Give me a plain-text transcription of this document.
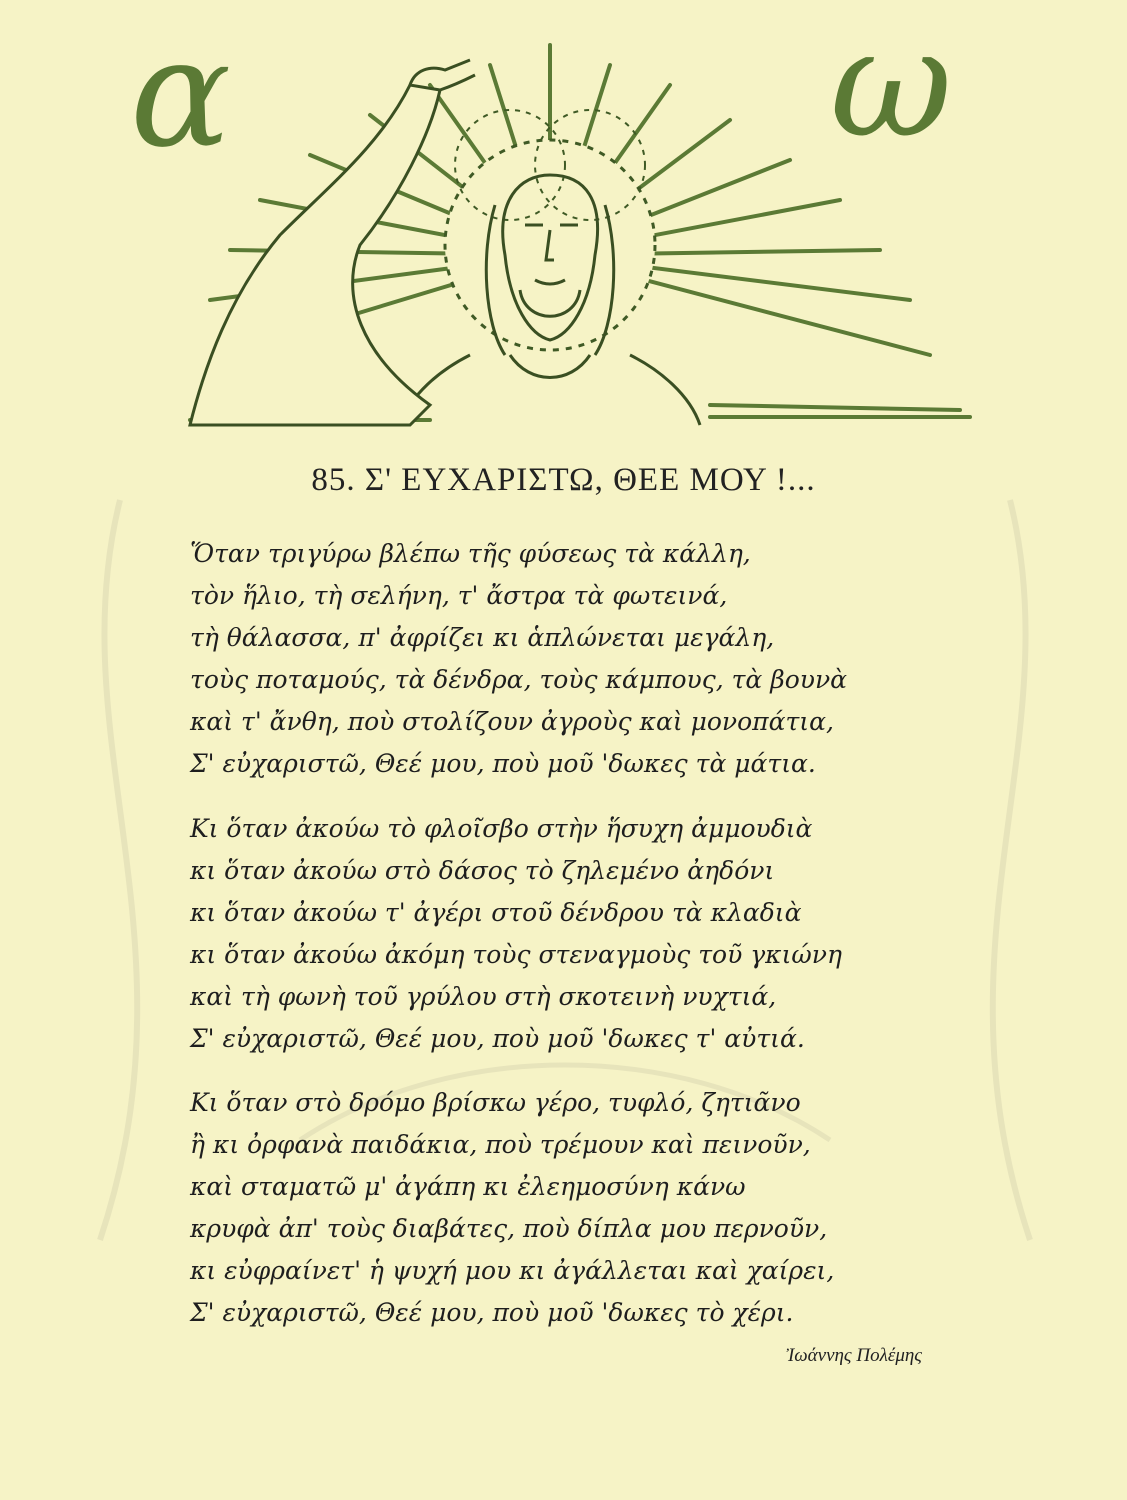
α	ω
85. Σ' ΕΥΧΑΡΙΣΤΩ, ΘΕΕ ΜΟΥ !...
Ὅταν τριγύρω βλέπω τῆς φύσεως τὰ κάλλη,
τὸν ἥλιο, τὴ σελήνη, τ' ἄστρα τὰ φωτεινά,
τὴ θάλασσα, π' ἀφρίζει κι ἁπλώνεται μεγάλη,
τοὺς ποταμούς, τὰ δένδρα, τοὺς κάμπους, τὰ βουνὰ
καὶ τ' ἄνθη, ποὺ στολίζουν ἀγροὺς καὶ μονοπάτια,
Σ' εὐχαριστῶ, Θεέ μου, ποὺ μοῦ 'δωκες τὰ μάτια.
Κι ὅταν ἀκούω τὸ φλοῖσβο στὴν ἥσυχη ἀμμουδιὰ
κι ὅταν ἀκούω στὸ δάσος τὸ ζηλεμένο ἀηδόνι
κι ὅταν ἀκούω τ' ἀγέρι στοῦ δένδρου τὰ κλαδιὰ
κι ὅταν ἀκούω ἀκόμη τοὺς στεναγμοὺς τοῦ γκιώνη
καὶ τὴ φωνὴ τοῦ γρύλου στὴ σκοτεινὴ νυχτιά,
Σ' εὐχαριστῶ, Θεέ μου, ποὺ μοῦ 'δωκες τ' αὐτιά.
Κι ὅταν στὸ δρόμο βρίσκω γέρο, τυφλό, ζητιᾶνο
ἢ κι ὀρφανὰ παιδάκια, ποὺ τρέμουν καὶ πεινοῦν,
καὶ σταματῶ μ' ἀγάπη κι ἐλεημοσύνη κάνω
κρυφὰ ἀπ' τοὺς διαβάτες, ποὺ δίπλα μου περνοῦν,
κι εὐφραίνετ' ἡ ψυχή μου κι ἀγάλλεται καὶ χαίρει,
Σ' εὐχαριστῶ, Θεέ μου, ποὺ μοῦ 'δωκες τὸ χέρι.
Ἰωάννης Πολέμης
